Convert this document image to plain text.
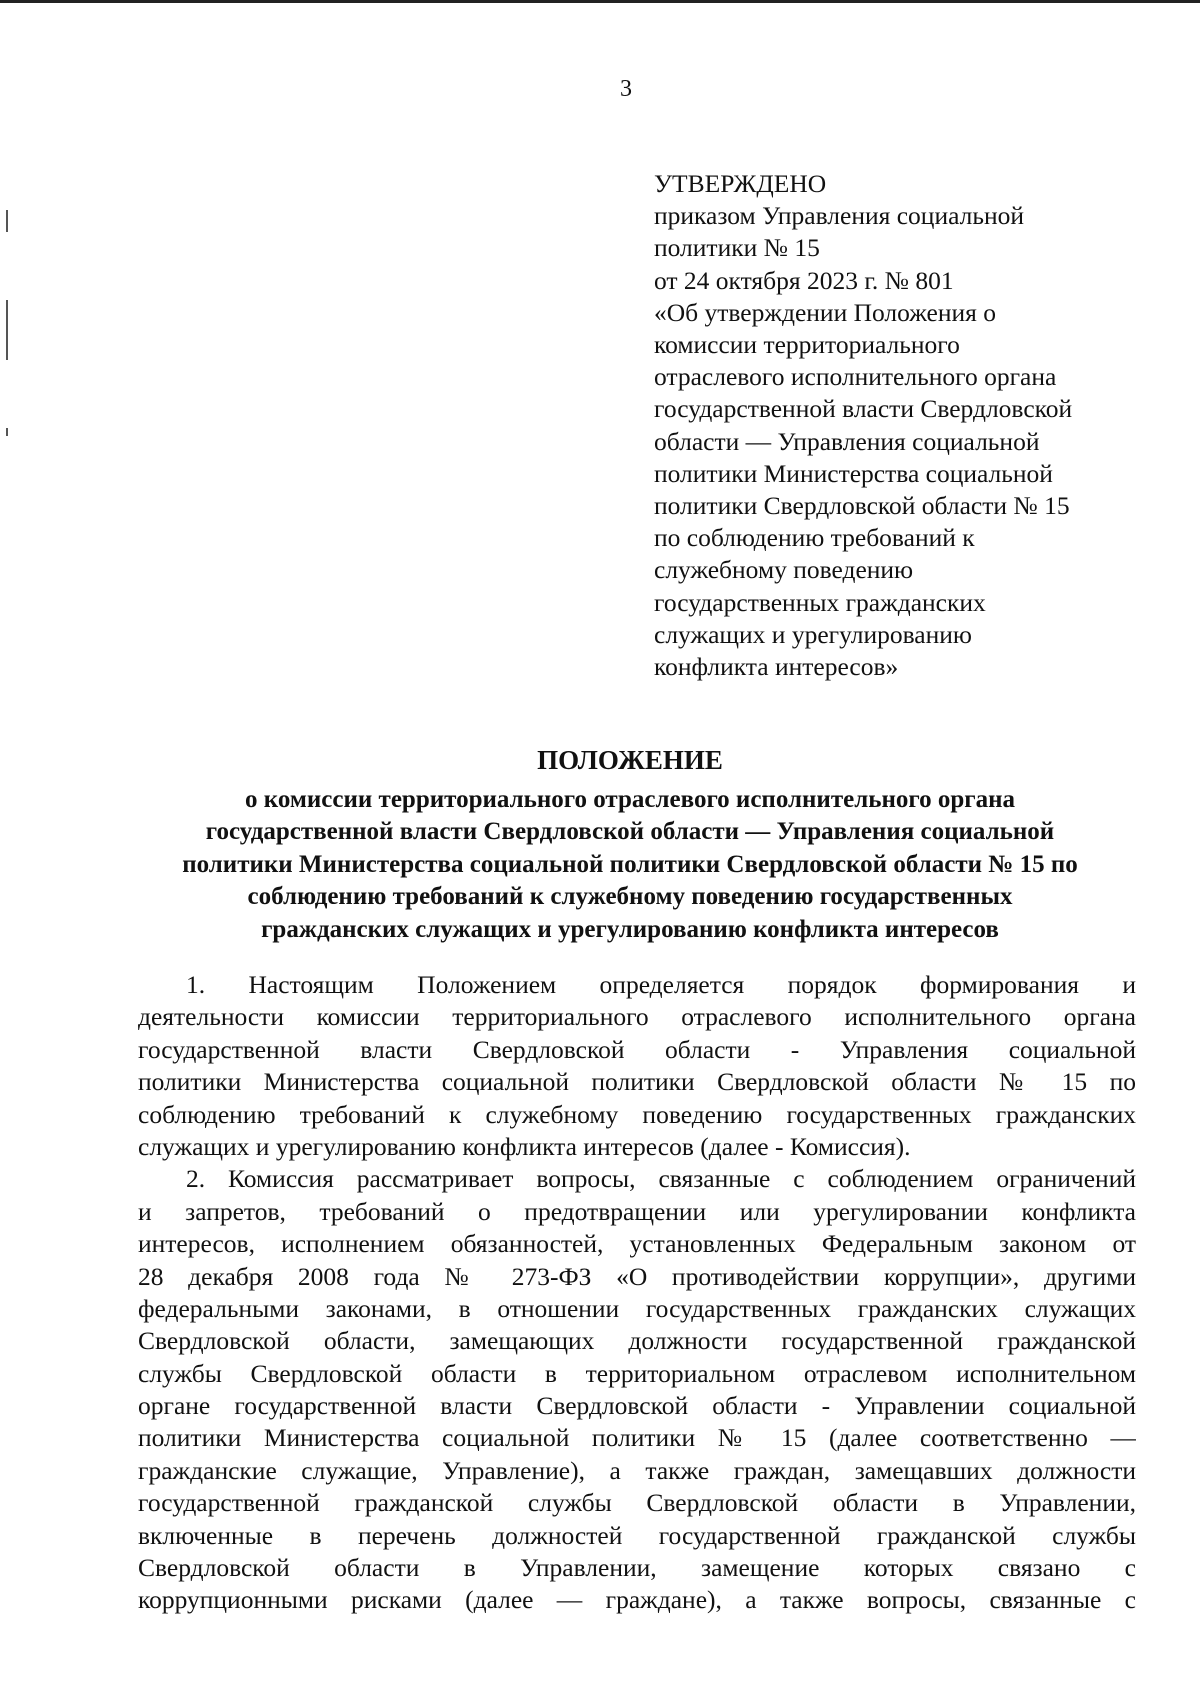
3
УТВЕРЖДЕНО
приказом Управления социальной
политики № 15
от 24 октября 2023 г. № 801
«Об утверждении Положения о
комиссии территориального
отраслевого исполнительного органа
государственной власти Свердловской
области — Управления социальной
политики Министерства социальной
политики Свердловской области № 15
по соблюдению требований к
служебному поведению
государственных гражданских
служащих и урегулированию
конфликта интересов»
ПОЛОЖЕНИЕ
о комиссии территориального отраслевого исполнительного органа
государственной власти Свердловской области — Управления социальной
политики Министерства социальной политики Свердловской области № 15 по
соблюдению требований к служебному поведению государственных
гражданских служащих и урегулированию конфликта интересов
1. Настоящим Положением определяется порядок формирования и
деятельности комиссии территориального отраслевого исполнительного органа
государственной власти Свердловской области - Управления социальной
политики Министерства социальной политики Свердловской области № 15 по
соблюдению требований к служебному поведению государственных гражданских
служащих и урегулированию конфликта интересов (далее - Комиссия).
2. Комиссия рассматривает вопросы, связанные с соблюдением ограничений
и запретов, требований о предотвращении или урегулировании конфликта
интересов, исполнением обязанностей, установленных Федеральным законом от
28 декабря 2008 года № 273-ФЗ «О противодействии коррупции», другими
федеральными законами, в отношении государственных гражданских служащих
Свердловской области, замещающих должности государственной гражданской
службы Свердловской области в территориальном отраслевом исполнительном
органе государственной власти Свердловской области - Управлении социальной
политики Министерства социальной политики № 15 (далее соответственно —
гражданские служащие, Управление), а также граждан, замещавших должности
государственной гражданской службы Свердловской области в Управлении,
включенные в перечень должностей государственной гражданской службы
Свердловской области в Управлении, замещение которых связано с
коррупционными рисками (далее — граждане), а также вопросы, связанные с
